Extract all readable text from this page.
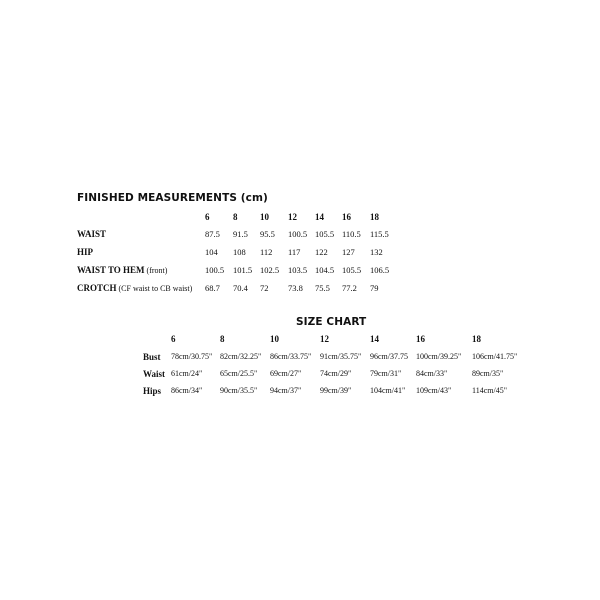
FINISHED MEASUREMENTS (cm)
SIZE CHART
6	8	10 12 14 16 18
WAIST	87.5 91.5 95.5 100.5 105.5 110.5 115.5
HIP	104 108 112 117 122 127 132
WAIST TO HEM (front)	100.5 101.5 102.5 103.5 104.5 105.5 106.5
CROTCH (CF waist to CB waist) 68.7 70.4 72 73.8 75.5 77.2 79
6	8	10	12	14	16	18
Bust 78cm/30.75" 82cm/32.25" 86cm/33.75" 91cm/35.75" 96cm/37.75 100cm/39.25" 106cm/41.75"
Waist 61cm/24" 65cm/25.5" 69cm/27" 74cm/29" 79cm/31" 84cm/33"	89cm/35"
Hips 86cm/34" 90cm/35.5" 94cm/37" 99cm/39" 104cm/41" 109cm/43"	114cm/45"
